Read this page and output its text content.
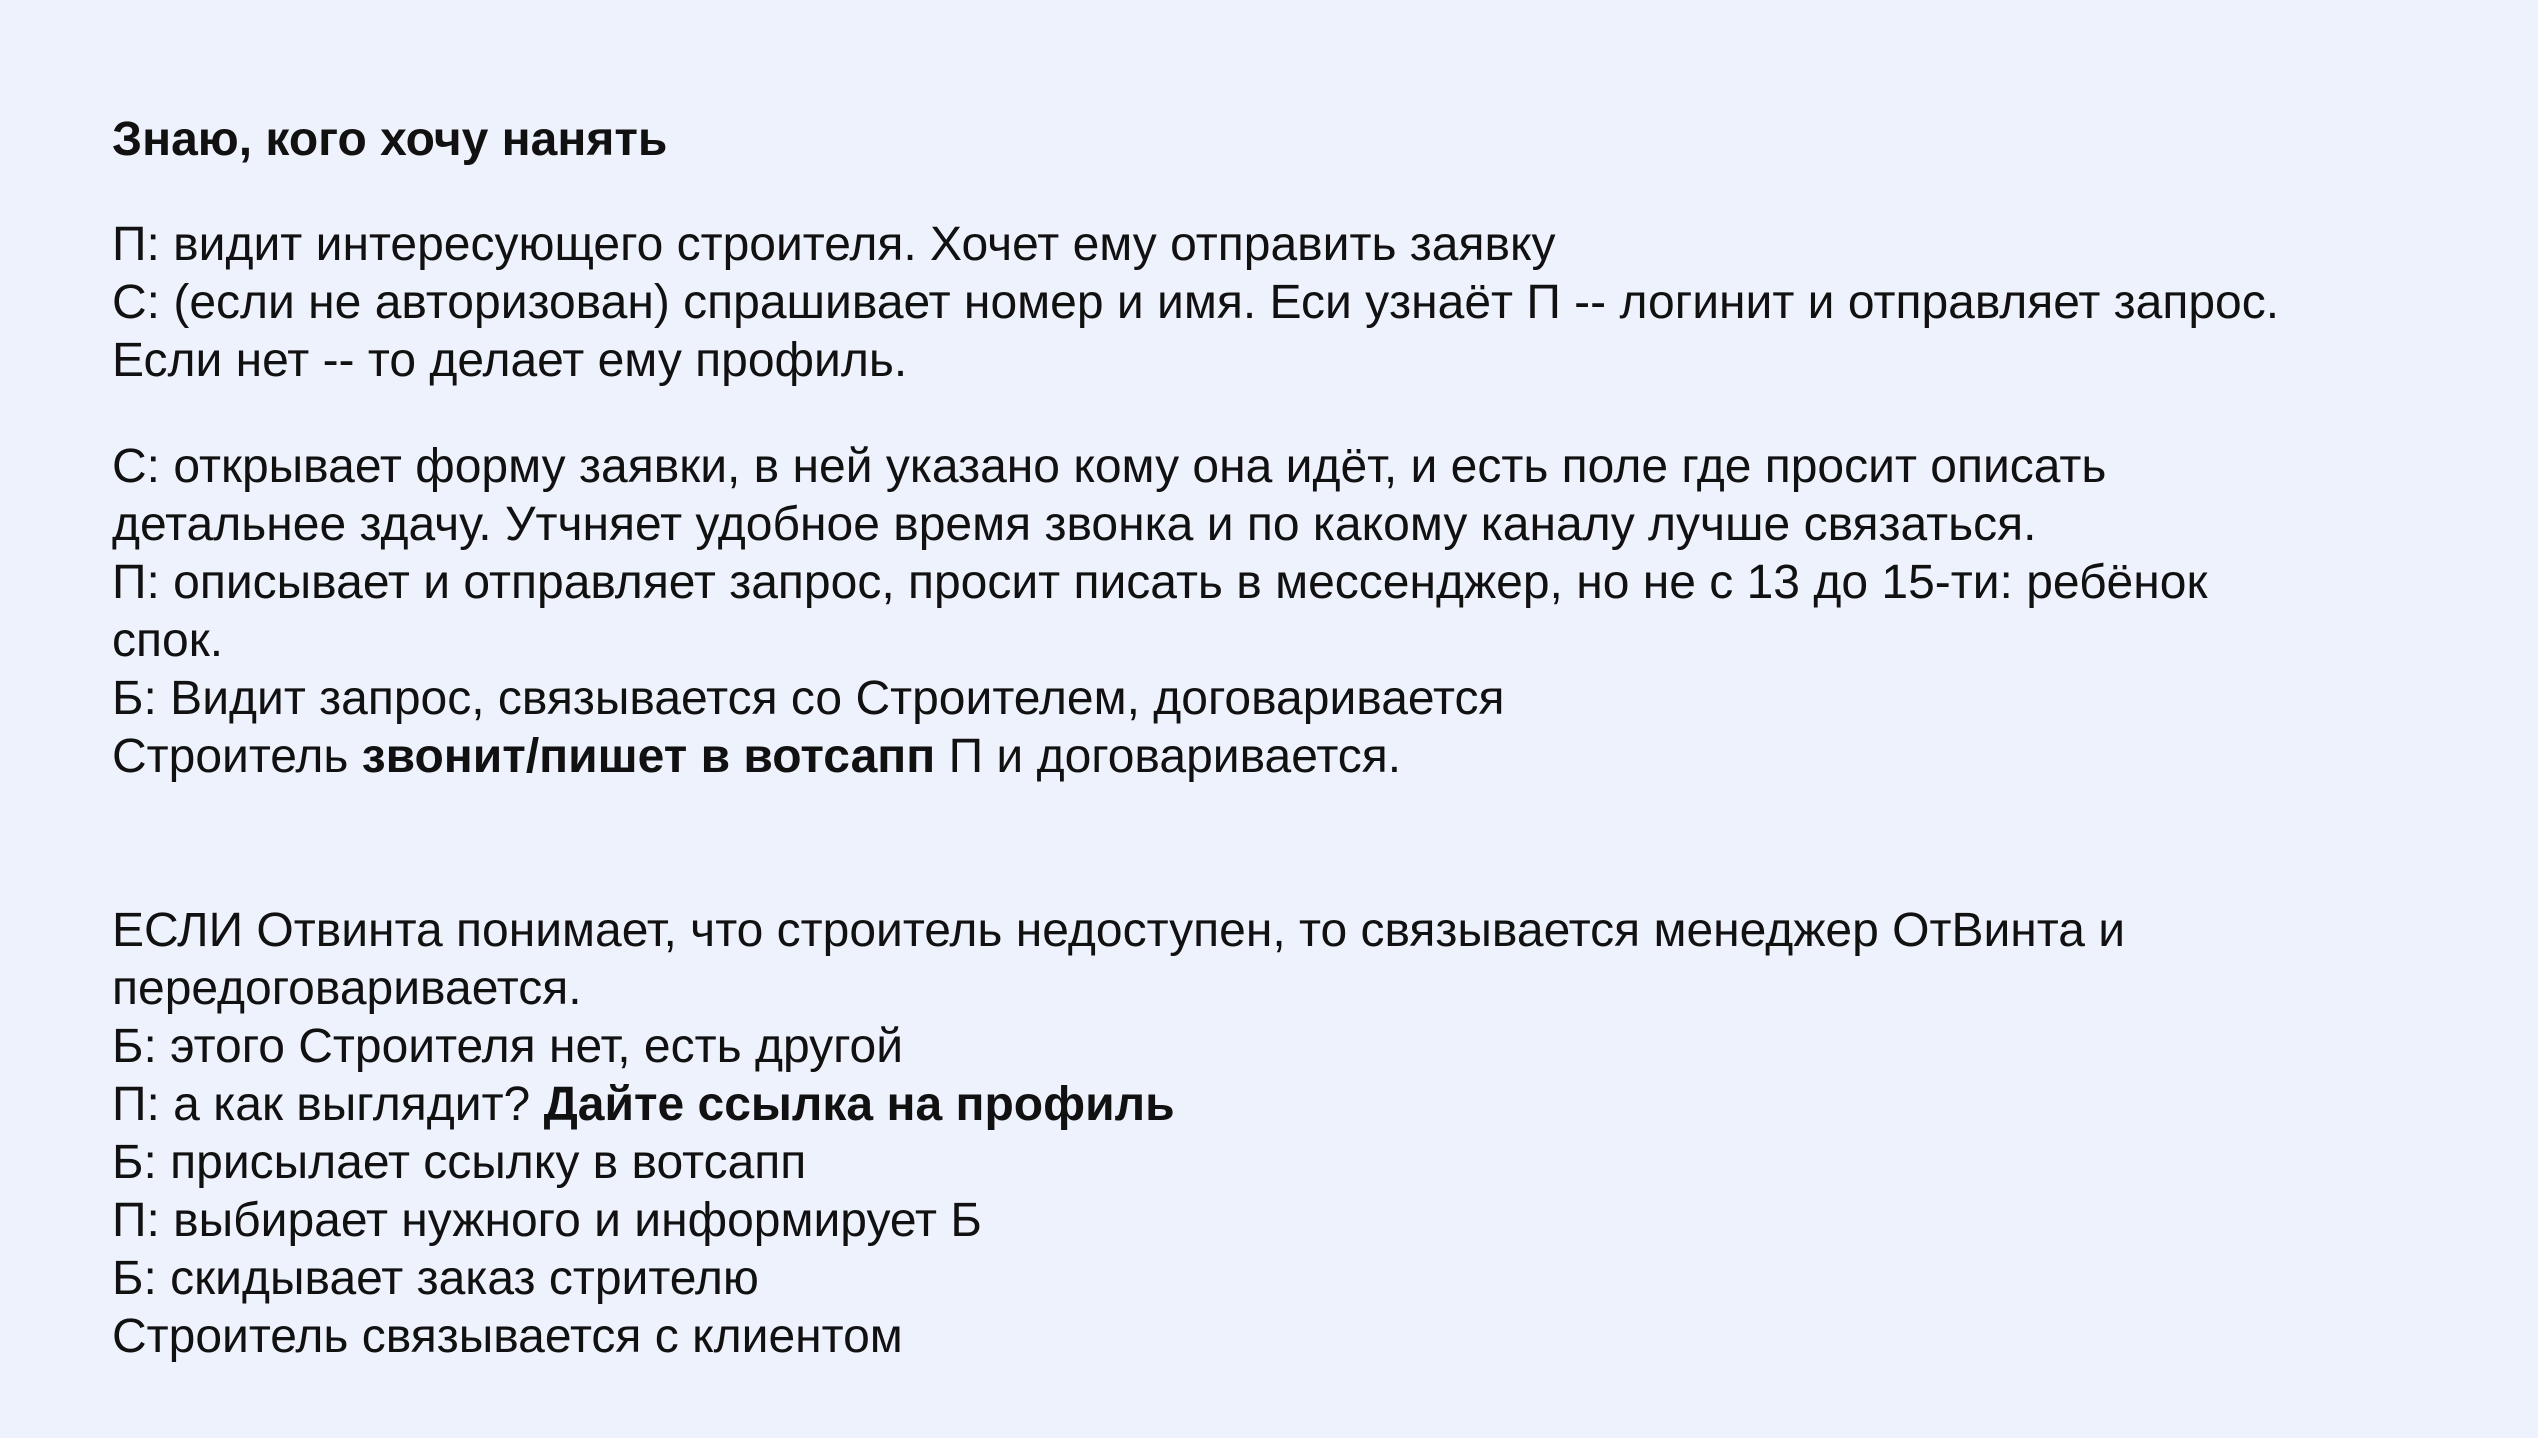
Знаю, кого хочу нанять

П: видит интересующего строителя. Хочет ему отправить заявку
С: (если не авторизован) спрашивает номер и имя. Еси узнаёт П -- логинит и отправляет запрос.
Если нет -- то делает ему профиль.

С: открывает форму заявки, в ней указано кому она идёт, и есть поле где просит описать
детальнее здачу. Утчняет удобное время звонка и по какому каналу лучше связаться.
П: описывает и отправляет запрос, просит писать в мессенджер, но не с 13 до 15-ти: ребёнок
спок.
Б: Видит запрос, связывается со Строителем, договаривается
Строитель звонит/пишет в вотсапп П и договаривается.

ЕСЛИ Отвинта понимает, что строитель недоступен, то связывается менеджер ОтВинта и
передоговаривается.
Б: этого Строителя нет, есть другой
П: а как выглядит? Дайте ссылка на профиль
Б: присылает ссылку в вотсапп
П: выбирает нужного и информирует Б
Б: скидывает заказ стрителю
Строитель связывается с клиентом
